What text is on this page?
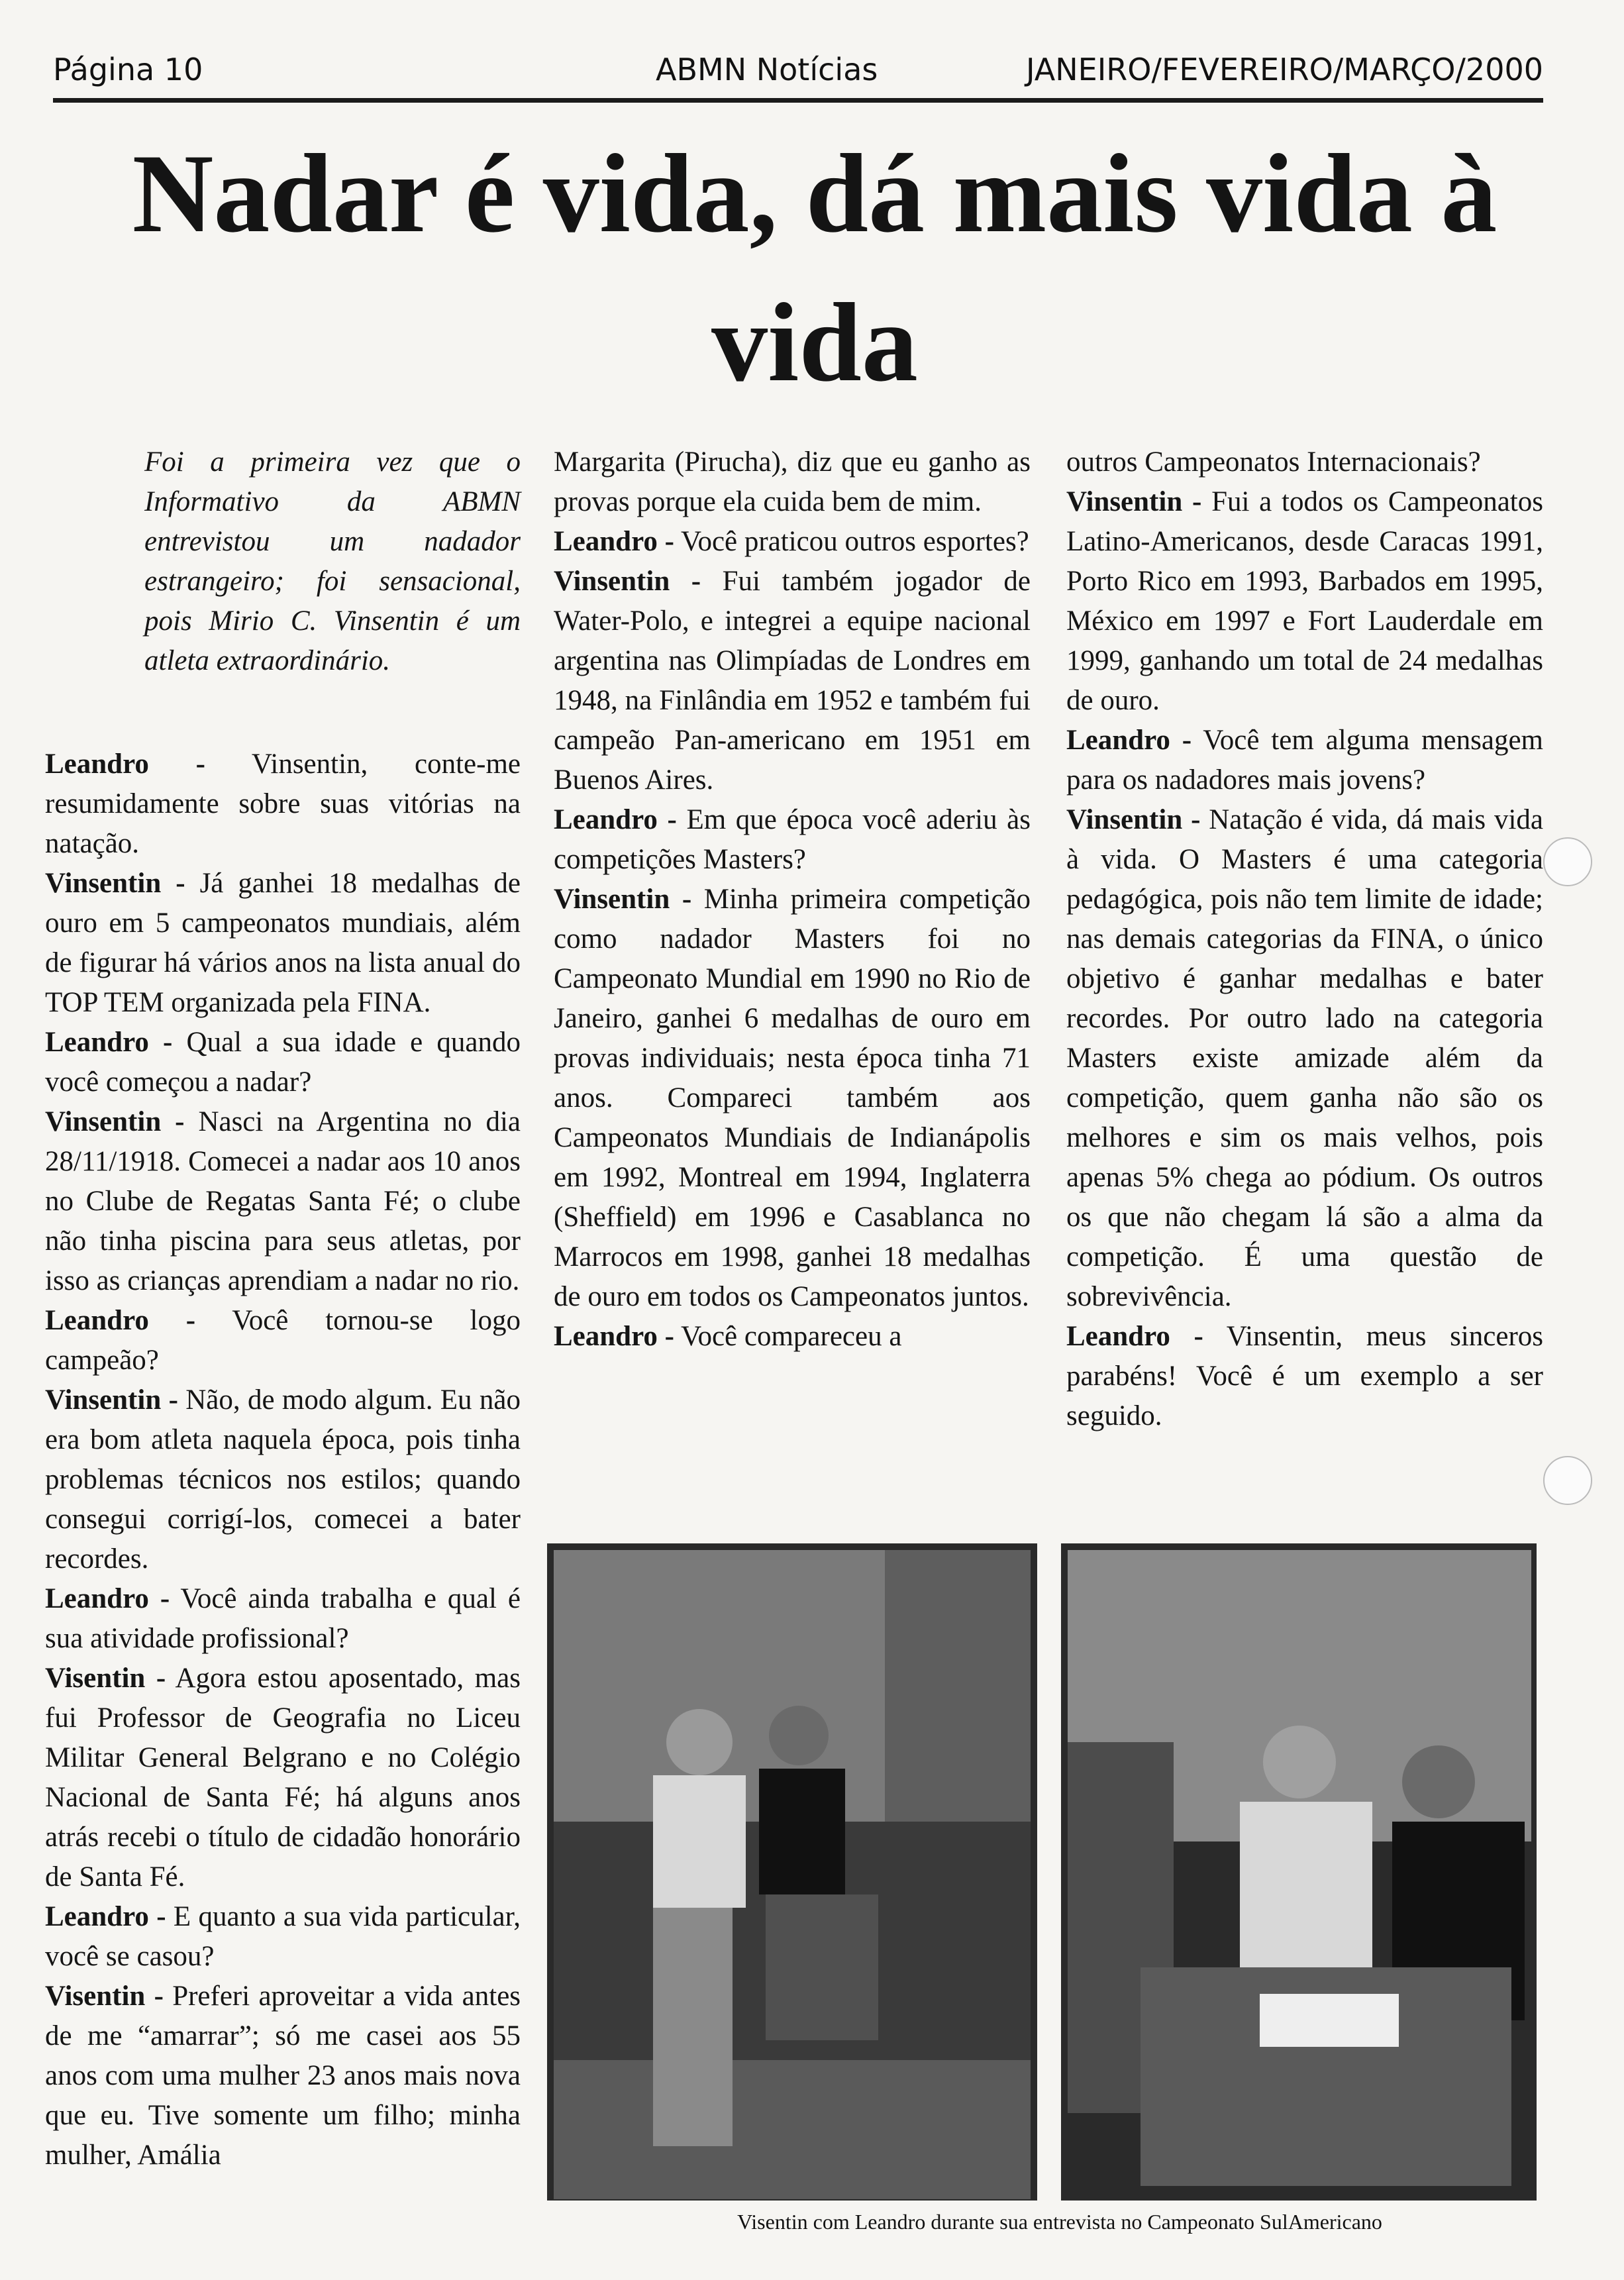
Página 10	ABMN Notícias	JANEIRO/FEVEREIRO/MARÇO/2000
Nadar é vida, dá mais vida à vida

Foi a primeira vez que o Informativo da ABMN entrevistou um nadador estrangeiro; foi sensacional, pois Mirio C. Vinsentin é um atleta extraordinário.

Leandro - Vinsentin, conte-me resumidamente sobre suas vitórias na natação.

Vinsentin - Já ganhei 18 medalhas de ouro em 5 campeonatos mundiais, além de figurar há vários anos na lista anual do TOP TEM organizada pela FINA.

Leandro - Qual a sua idade e quando você começou a nadar?

Vinsentin - Nasci na Argentina no dia 28/11/1918. Comecei a nadar aos 10 anos no Clube de Regatas Santa Fé; o clube não tinha piscina para seus atletas, por isso as crianças aprendiam a nadar no rio.

Leandro - Você tornou-se logo campeão?

Vinsentin - Não, de modo algum. Eu não era bom atleta naquela época, pois tinha problemas técnicos nos estilos; quando consegui corrigí-los, comecei a bater recordes.

Leandro - Você ainda trabalha e qual é sua atividade profissional?

Visentin - Agora estou aposentado, mas fui Professor de Geografia no Liceu Militar General Belgrano e no Colégio Nacional de Santa Fé; há alguns anos atrás recebi o título de cidadão honorário de Santa Fé.

Leandro - E quanto a sua vida particular, você se casou?

Visentin - Preferi aproveitar a vida antes de me “amarrar”; só me casei aos 55 anos com uma mulher 23 anos mais nova que eu. Tive somente um filho; minha mulher, Amália

Margarita (Pirucha), diz que eu ganho as provas porque ela cuida bem de mim.

Leandro - Você praticou outros esportes?

Vinsentin - Fui também jogador de Water-Polo, e integrei a equipe nacional argentina nas Olimpíadas de Londres em 1948, na Finlândia em 1952 e também fui campeão Pan-americano em 1951 em Buenos Aires.

Leandro - Em que época você aderiu às competições Masters?

Vinsentin - Minha primeira competição como nadador Masters foi no Campeonato Mundial em 1990 no Rio de Janeiro, ganhei 6 medalhas de ouro em provas individuais; nesta época tinha 71 anos. Compareci também aos Campeonatos Mundiais de Indianápolis em 1992, Montreal em 1994, Inglaterra (Sheffield) em 1996 e Casablanca no Marrocos em 1998, ganhei 18 medalhas de ouro em todos os Campeonatos juntos.

Leandro - Você compareceu a

outros Campeonatos Internacionais?

Vinsentin - Fui a todos os Campeonatos Latino-Americanos, desde Caracas 1991, Porto Rico em 1993, Barbados em 1995, México em 1997 e Fort Lauderdale em 1999, ganhando um total de 24 medalhas de ouro.

Leandro - Você tem alguma mensagem para os nadadores mais jovens?

Vinsentin - Natação é vida, dá mais vida à vida. O Masters é uma categoria pedagógica, pois não tem limite de idade; nas demais categorias da FINA, o único objetivo é ganhar medalhas e bater recordes. Por outro lado na categoria Masters existe amizade além da competição, quem ganha não são os melhores e sim os mais velhos, pois apenas 5% chega ao pódium. Os outros os que não chegam lá são a alma da competição. É uma questão de sobrevivência.

Leandro - Vinsentin, meus sinceros parabéns! Você é um exemplo a ser seguido.

Visentin com Leandro durante sua entrevista no Campeonato SulAmericano
